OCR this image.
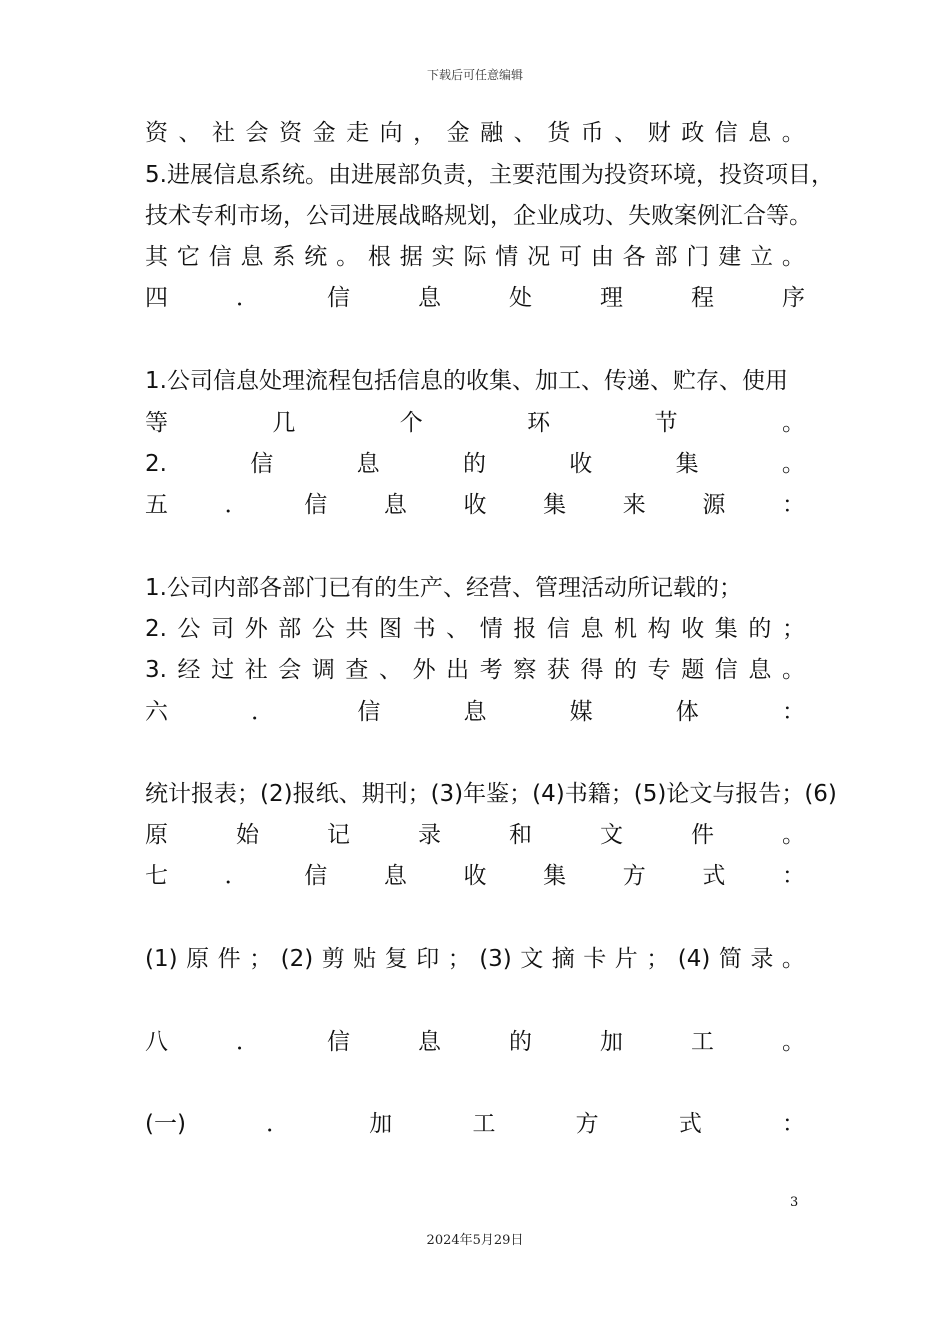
下载后可任意编辑
资 、 社 会 资 金 走 向 ， 金 融 、 货 币 、 财 政 信 息 。
5.进展信息系统。由进展部负责，主要范围为投资环境，投资项目，
技术专利市场，公司进展战略规划，企业成功、失败案例汇合等。
其 它 信 息 系 统 。 根 据 实 际 情 况 可 由 各 部 门 建 立 。
四	．	信	息	处	理	程	序
1.公司信息处理流程包括信息的收集、加工、传递、贮存、使用
等	几	个	环	节	。
2.	信	息	的	收	集	。
五 ． 信 息 收 集 来 源 ：
1.公司内部各部门已有的生产、经营、管理活动所记载的；
2. 公 司 外 部 公 共 图 书 、 情 报 信 息 机 构 收 集 的 ；
3. 经 过 社 会 调 查 、 外 出 考 察 获 得 的 专 题 信 息 。
六	．	信	息	媒	体	：
统计报表；(2)报纸、期刊；(3)年鉴；(4)书籍；(5)论文与报告；(6)
原	始	记	录	和	文	件	。
七 ． 信 息 收 集 方 式 ：
(1) 原 件 ； (2) 剪 贴 复 印 ； (3) 文 摘 卡 片 ； (4) 简 录 。
八	．	信	息	的	加	工	。
(一)	．	加	工	方	式	：
3
2024年5月29日
